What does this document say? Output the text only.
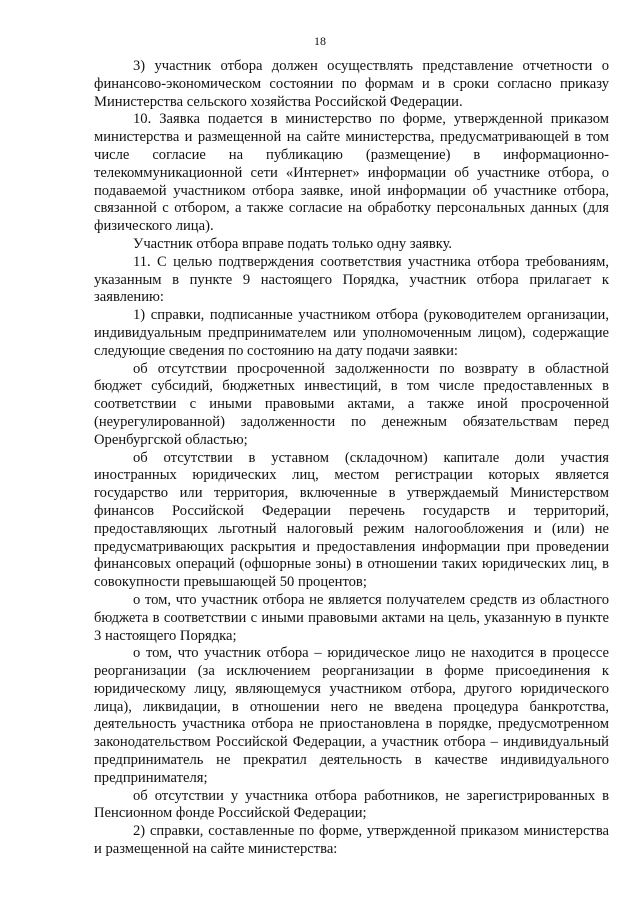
18

3) участник отбора должен осуществлять представление отчетности о финансово-экономическом состоянии по формам и в сроки согласно приказу Министерства сельского хозяйства Российской Федерации.

10. Заявка подается в министерство по форме, утвержденной приказом министерства и размещенной на сайте министерства, предусматривающей в том числе согласие на публикацию (размещение) в информационно-телекоммуникационной сети «Интернет» информации об участнике отбора, о подаваемой участником отбора заявке, иной информации об участнике отбора, связанной с отбором, а также согласие на обработку персональных данных (для физического лица).

Участник отбора вправе подать только одну заявку.

11. С целью подтверждения соответствия участника отбора требованиям, указанным в пункте 9 настоящего Порядка, участник отбора прилагает к заявлению:

1) справки, подписанные участником отбора (руководителем организации, индивидуальным предпринимателем или уполномоченным лицом), содержащие следующие сведения по состоянию на дату подачи заявки:

об отсутствии просроченной задолженности по возврату в областной бюджет субсидий, бюджетных инвестиций, в том числе предоставленных в соответствии с иными правовыми актами, а также иной просроченной (неурегулированной) задолженности по денежным обязательствам перед Оренбургской областью;

об отсутствии в уставном (складочном) капитале доли участия иностранных юридических лиц, местом регистрации которых является государство или территория, включенные в утверждаемый Министерством финансов Российской Федерации перечень государств и территорий, предоставляющих льготный налоговый режим налогообложения и (или) не предусматривающих раскрытия и предоставления информации при проведении финансовых операций (офшорные зоны) в отношении таких юридических лиц, в совокупности превышающей 50 процентов;

о том, что участник отбора не является получателем средств из областного бюджета в соответствии с иными правовыми актами на цель, указанную в пункте 3 настоящего Порядка;

о том, что участник отбора – юридическое лицо не находится в процессе реорганизации (за исключением реорганизации в форме присоединения к юридическому лицу, являющемуся участником отбора, другого юридического лица), ликвидации, в отношении него не введена процедура банкротства, деятельность участника отбора не приостановлена в порядке, предусмотренном законодательством Российской Федерации, а участник отбора – индивидуальный предприниматель не прекратил деятельность в качестве индивидуального предпринимателя;

об отсутствии у участника отбора работников, не зарегистрированных в Пенсионном фонде Российской Федерации;

2) справки, составленные по форме, утвержденной приказом министерства и размещенной на сайте министерства:
